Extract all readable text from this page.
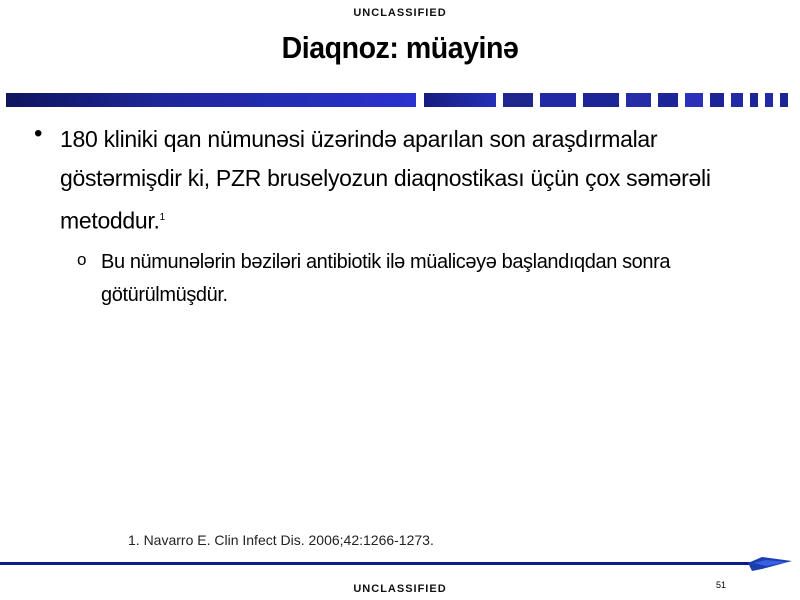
UNCLASSIFIED
Diaqnoz: müayinə
• 180 kliniki qan nümunəsi üzərində aparılan son araşdırmalar göstərmişdir ki, PZR bruselyozun diaqnostikası üçün çox səmərəli metoddur.$^1$
o Bu nümunələrin bəziləri antibiotik ilə müalicəyə başlandıqdan sonra götürülmüşdür.
1. Navarro E. Clin Infect Dis. 2006;42:1266-1273.
51
UNCLASSIFIED
